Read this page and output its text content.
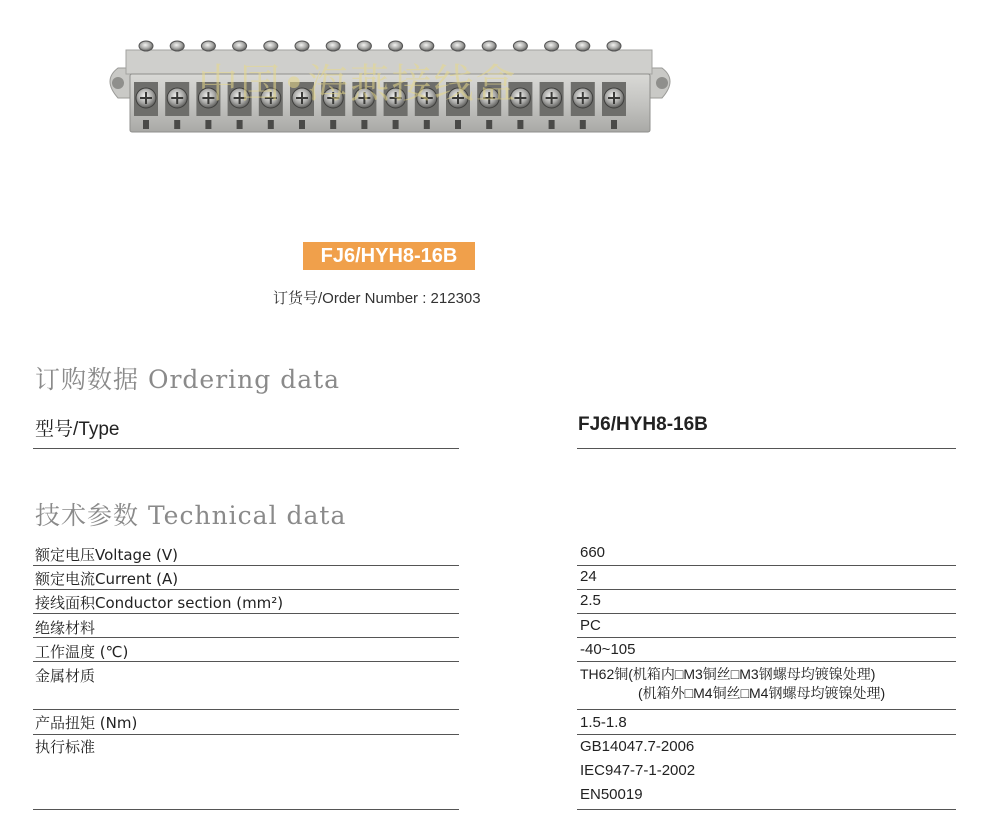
中国•海燕接线盒
FJ6/HYH8-16B
订货号/Order Number : 212303
订购数据 Ordering data
型号/Type	FJ6/HYH8-16B
技术参数 Technical data
额定电压Voltage (V)	660
额定电流Current (A)	24
接线面积Conductor section (mm²)	2.5
绝缘材料	PC
工作温度 (℃)	-40~105
金属材质	TH62铜(机箱内□M3铜丝□M3钢螺母均镀镍处理)
(机箱外□M4铜丝□M4钢螺母均镀镍处理)
产品扭矩 (Nm)	1.5-1.8
执行标准	GB14047.7-2006
IEC947-7-1-2002
EN50019
